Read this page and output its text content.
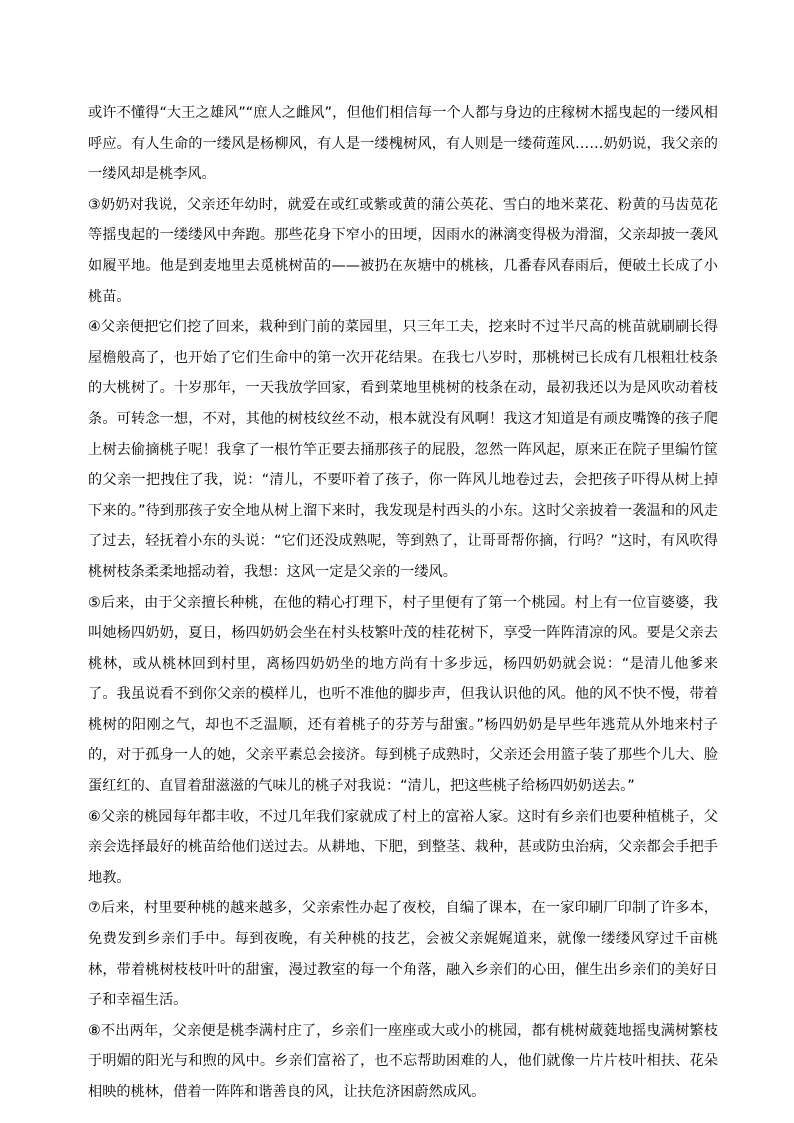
或许不懂得“大王之雄风”“庶人之雌风”，但他们相信每一个人都与身边的庄稼树木摇曳起的一缕风相呼应。有人生命的一缕风是杨柳风，有人是一缕槐树风，有人则是一缕荷莲风……奶奶说，我父亲的一缕风却是桃李风。

③奶奶对我说，父亲还年幼时，就爱在或红或紫或黄的蒲公英花、雪白的地米菜花、粉黄的马齿苋花等摇曳起的一缕缕风中奔跑。那些花身下窄小的田埂，因雨水的淋漓变得极为滑溜，父亲却披一袭风如履平地。他是到麦地里去觅桃树苗的——被扔在灰塘中的桃核，几番春风春雨后，便破土长成了小桃苗。

④父亲便把它们挖了回来，栽种到门前的菜园里，只三年工夫，挖来时不过半尺高的桃苗就刷刷长得屋檐般高了，也开始了它们生命中的第一次开花结果。在我七八岁时，那桃树已长成有几根粗壮枝条的大桃树了。十岁那年，一天我放学回家，看到菜地里桃树的枝条在动，最初我还以为是风吹动着枝条。可转念一想，不对，其他的树枝纹丝不动，根本就没有风啊！我这才知道是有顽皮嘴馋的孩子爬上树去偷摘桃子呢！我拿了一根竹竿正要去捅那孩子的屁股，忽然一阵风起，原来正在院子里编竹筐的父亲一把拽住了我，说：“清儿，不要吓着了孩子，你一阵风儿地卷过去，会把孩子吓得从树上掉下来的。”待到那孩子安全地从树上溜下来时，我发现是村西头的小东。这时父亲披着一袭温和的风走了过去，轻抚着小东的头说：“它们还没成熟呢，等到熟了，让哥哥帮你摘，行吗？”这时，有风吹得桃树枝条柔柔地摇动着，我想：这风一定是父亲的一缕风。

⑤后来，由于父亲擅长种桃，在他的精心打理下，村子里便有了第一个桃园。村上有一位盲婆婆，我叫她杨四奶奶，夏日，杨四奶奶会坐在村头枝繁叶茂的桂花树下，享受一阵阵清凉的风。要是父亲去桃林，或从桃林回到村里，离杨四奶奶坐的地方尚有十多步远，杨四奶奶就会说：“是清儿他爹来了。我虽说看不到你父亲的模样儿，也听不准他的脚步声，但我认识他的风。他的风不快不慢，带着桃树的阳刚之气，却也不乏温顺，还有着桃子的芬芳与甜蜜。”杨四奶奶是早些年逃荒从外地来村子的，对于孤身一人的她，父亲平素总会接济。每到桃子成熟时，父亲还会用篮子装了那些个儿大、脸蛋红红的、直冒着甜滋滋的气味儿的桃子对我说：“清儿，把这些桃子给杨四奶奶送去。”

⑥父亲的桃园每年都丰收，不过几年我们家就成了村上的富裕人家。这时有乡亲们也要种植桃子，父亲会选择最好的桃苗给他们送过去。从耕地、下肥，到整茎、栽种，甚或防虫治病，父亲都会手把手地教。

⑦后来，村里要种桃的越来越多，父亲索性办起了夜校，自编了课本，在一家印刷厂印制了许多本，免费发到乡亲们手中。每到夜晚，有关种桃的技艺，会被父亲娓娓道来，就像一缕缕风穿过千亩桃林，带着桃树枝枝叶叶的甜蜜，漫过教室的每一个角落，融入乡亲们的心田，催生出乡亲们的美好日子和幸福生活。

⑧不出两年，父亲便是桃李满村庄了，乡亲们一座座或大或小的桃园，都有桃树葳蕤地摇曳满树繁枝于明媚的阳光与和煦的风中。乡亲们富裕了，也不忘帮助困难的人，他们就像一片片枝叶相扶、花朵相映的桃林，借着一阵阵和谐善良的风，让扶危济困蔚然成风。
